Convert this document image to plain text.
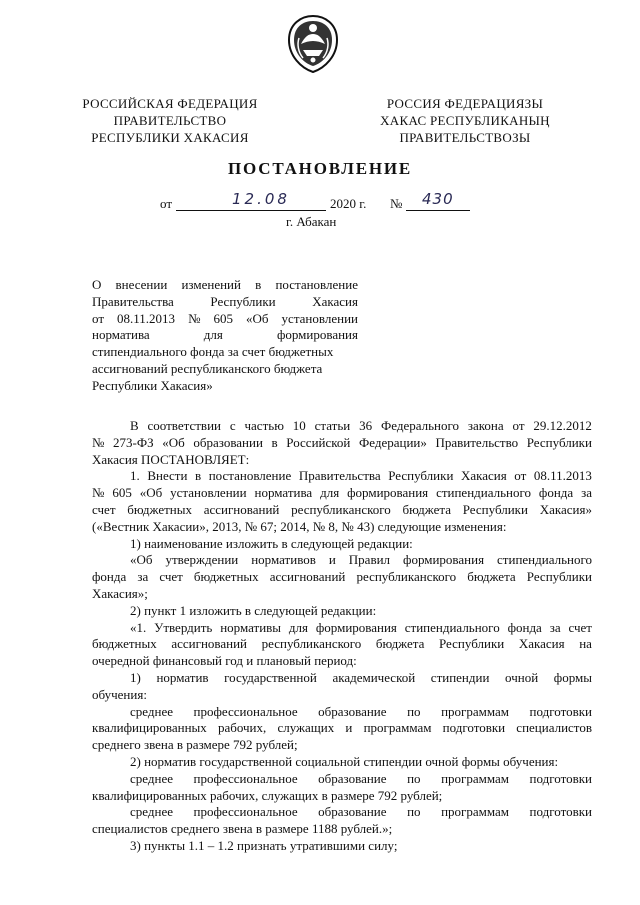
РОССИЙСКАЯ ФЕДЕРАЦИЯ
ПРАВИТЕЛЬСТВО
РЕСПУБЛИКИ ХАКАСИЯ
РОССИЯ ФЕДЕРАЦИЯЗЫ
ХАКАС РЕСПУБЛИКАНЫҢ
ПРАВИТЕЛЬСТВОЗЫ
ПОСТАНОВЛЕНИЕ
от	12.08	2020 г. № 430
г. Абакан
О внесении изменений в постановление
Правительства	Республики	Хакасия
от 08.11.2013 № 605 «Об установлении
норматива	для	формирования
стипендиального фонда за счет бюджетных
ассигнований республиканского бюджета
Республики Хакасия»
В соответствии с частью 10 статьи 36 Федерального закона от 29.12.2012
№ 273-ФЗ «Об образовании в Российской Федерации» Правительство Республики
Хакасия ПОСТАНОВЛЯЕТ:
1. Внести в постановление Правительства Республики Хакасия от 08.11.2013
№ 605 «Об установлении норматива для формирования стипендиального фонда за
счет бюджетных ассигнований республиканского бюджета Республики Хакасия»
(«Вестник Хакасии», 2013, № 67; 2014, № 8, № 43) следующие изменения:
1) наименование изложить в следующей редакции:
«Об утверждении нормативов и Правил формирования стипендиального
фонда за счет бюджетных ассигнований республиканского бюджета Республики
Хакасия»;
2) пункт 1 изложить в следующей редакции:
«1. Утвердить нормативы для формирования стипендиального фонда за счет
бюджетных ассигнований республиканского бюджета Республики Хакасия на
очередной финансовый год и плановый период:
1) норматив государственной академической стипендии очной формы
обучения:
среднее профессиональное образование по программам подготовки
квалифицированных рабочих, служащих и программам подготовки специалистов
среднего звена в размере 792 рублей;
2) норматив государственной социальной стипендии очной формы обучения:
среднее профессиональное образование по программам подготовки
квалифицированных рабочих, служащих в размере 792 рублей;
среднее профессиональное образование по программам подготовки
специалистов среднего звена в размере 1188 рублей.»;
3) пункты 1.1 – 1.2 признать утратившими силу;
